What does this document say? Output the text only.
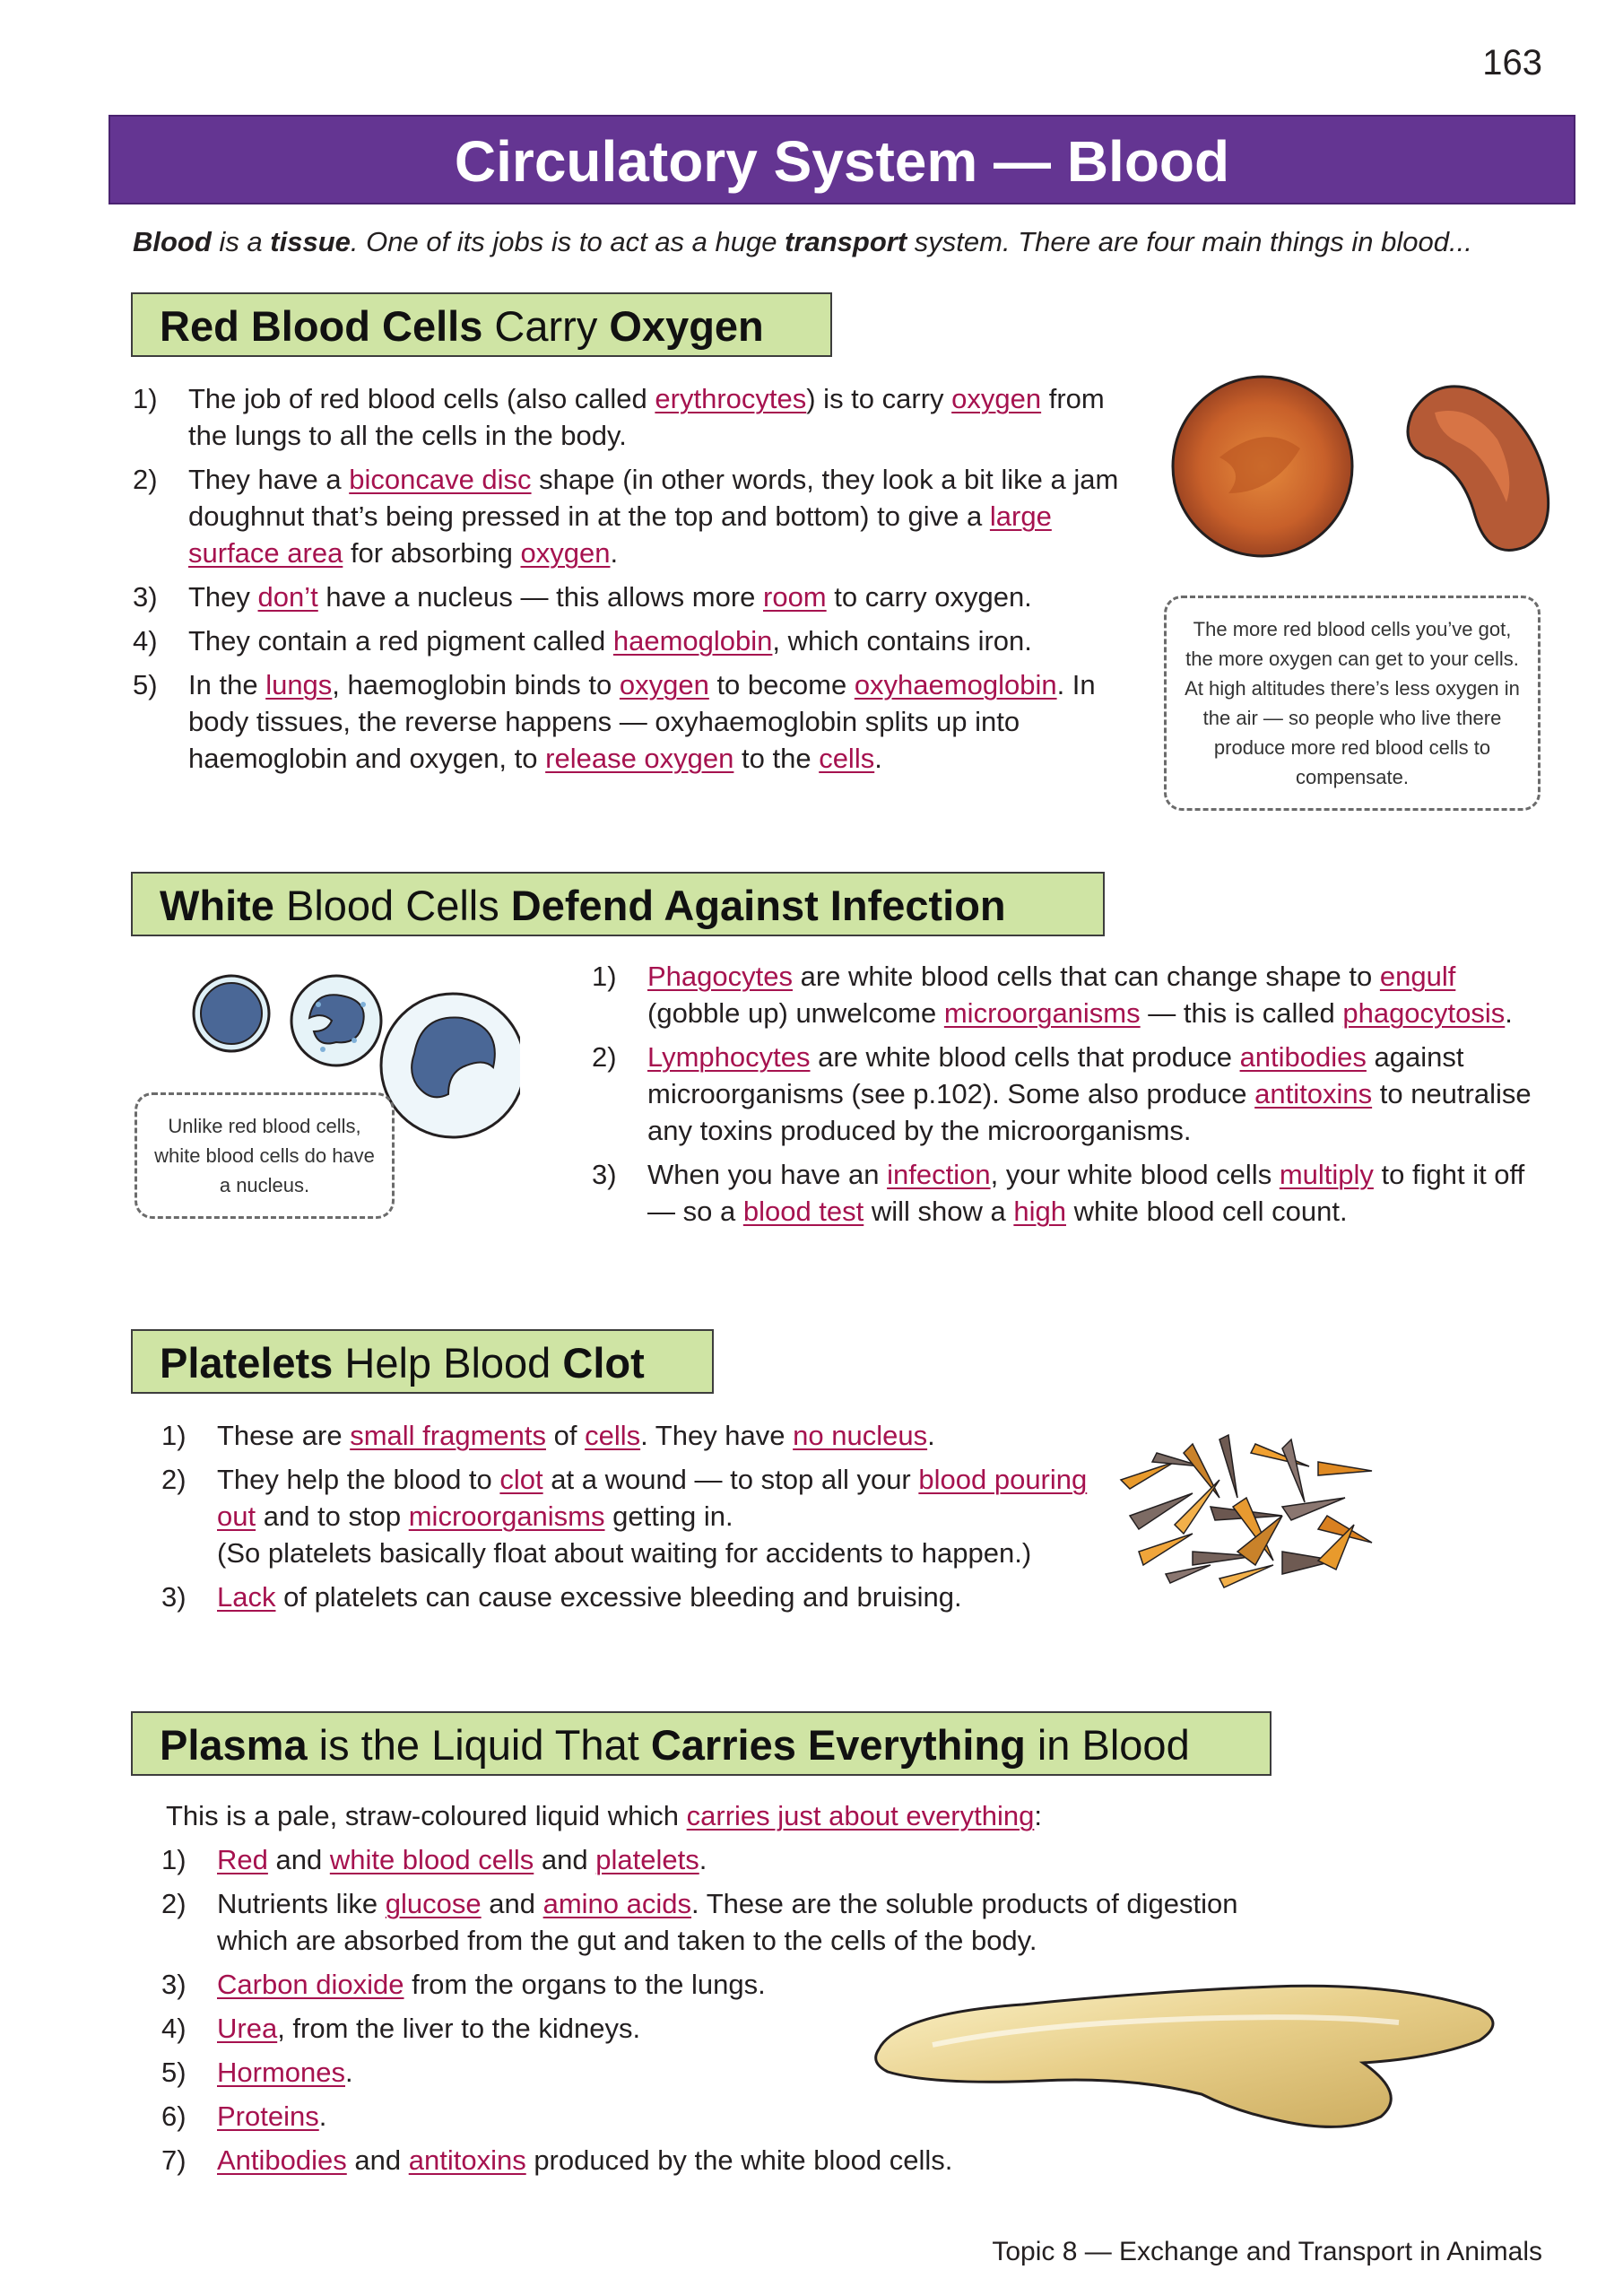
163
Circulatory System — Blood
Blood is a tissue. One of its jobs is to act as a huge transport system. There are four main things in blood...
Red Blood Cells Carry Oxygen
1) The job of red blood cells (also called erythrocytes) is to carry oxygen from the lungs to all the cells in the body.
2) They have a biconcave disc shape (in other words, they look a bit like a jam doughnut that’s being pressed in at the top and bottom) to give a large surface area for absorbing oxygen.
3) They don’t have a nucleus — this allows more room to carry oxygen.
4) They contain a red pigment called haemoglobin, which contains iron.
5) In the lungs, haemoglobin binds to oxygen to become oxyhaemoglobin. In body tissues, the reverse happens — oxyhaemoglobin splits up into haemoglobin and oxygen, to release oxygen to the cells.
The more red blood cells you’ve got, the more oxygen can get to your cells. At high altitudes there’s less oxygen in the air — so people who live there produce more red blood cells to compensate.
White Blood Cells Defend Against Infection
Unlike red blood cells, white blood cells do have a nucleus.
1) Phagocytes are white blood cells that can change shape to engulf (gobble up) unwelcome microorganisms — this is called phagocytosis.
2) Lymphocytes are white blood cells that produce antibodies against microorganisms (see p.102). Some also produce antitoxins to neutralise any toxins produced by the microorganisms.
3) When you have an infection, your white blood cells multiply to fight it off — so a blood test will show a high white blood cell count.
Platelets Help Blood Clot
1) These are small fragments of cells. They have no nucleus.
2) They help the blood to clot at a wound — to stop all your blood pouring out and to stop microorganisms getting in.
(So platelets basically float about waiting for accidents to happen.)
3) Lack of platelets can cause excessive bleeding and bruising.
Plasma is the Liquid That Carries Everything in Blood
This is a pale, straw-coloured liquid which carries just about everything:
1) Red and white blood cells and platelets.
2) Nutrients like glucose and amino acids. These are the soluble products of digestion which are absorbed from the gut and taken to the cells of the body.
3) Carbon dioxide from the organs to the lungs.
4) Urea, from the liver to the kidneys.
5) Hormones.
6) Proteins.
7) Antibodies and antitoxins produced by the white blood cells.
Topic 8 — Exchange and Transport in Animals
